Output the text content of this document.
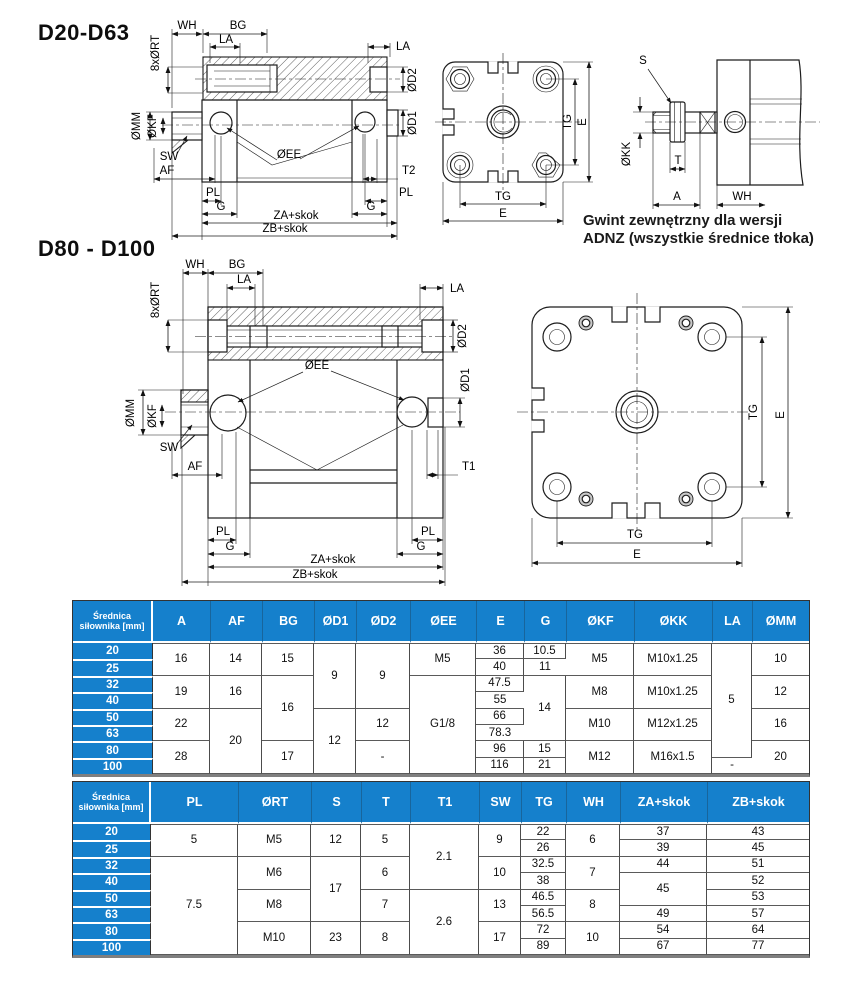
D20-D63
D80 - D100
Gwint zewnętrzny dla wersji
ADNZ (wszystkie średnice tłoka)
WH	BG
LA
8xØRT	LA
ØD2
ØD1
ØMM ØKF
SW
AF	T2
PL
G
PL
G
ZA+skok
ZB+skok
ØEE
TG E
TG
E
S
ØKK	T
A	WH
WH BG
LA
8xØRT	LA
ØD2
ØD1
ØMM ØKF
SW
AF	T1
PL
G
PL
G
ZA+skok
ZB+skok
ØEE
TG E
TG
E
Średnica siłownika [mm]	A	AF	BG	ØD1	ØD2	ØEE	E	G	ØKF	ØKK	LA	ØMM
20	16	14	15	9	9	M5	36	10.5	M5	M10x1.25	5	10
25							40	11				
32	19	16	16			G1/8	47.5	14	M8	M10x1.25		12
40							55					
50	22	20		12	12		66		M10	M12x1.25		16
63							78.3					
80	28		17		-		96	15	M12	M16x1.5		20
100							116	21			-	
Średnica siłownika [mm]	PL	ØRT	S	T	T1	SW	TG	WH	ZA+skok	ZB+skok
20	5	M5	12	5	2.1	9	22	6	37	43
25							26		39	45
32	7.5	M6	17	6		10	32.5	7	44	51
40							38		45	52
50		M8		7	2.6	13	46.5	8		53
63							56.5		49	57
80		M10	23	8		17	72	10	54	64
100							89		67	77
